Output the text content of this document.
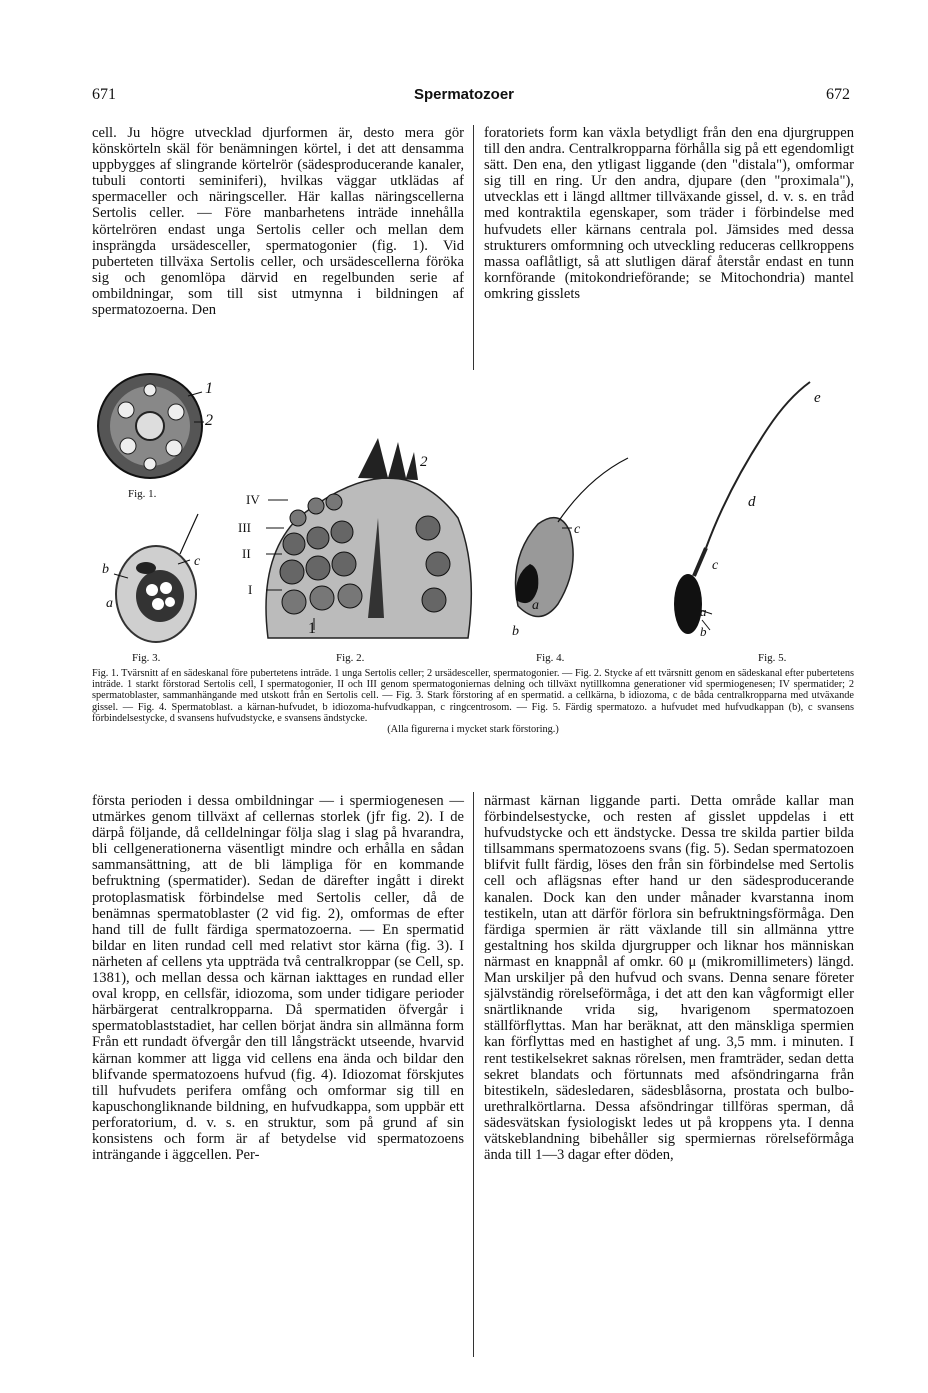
671	Spermatozoer	672

cell. Ju högre utvecklad djurformen är, desto mera gör könskörteln skäl för benämningen körtel, i det att densamma uppbygges af slingrande körtelrör (sädesproducerande kanaler, tubuli contorti seminiferi), hvilkas väggar utklädas af spermaceller och näringsceller. Här kallas näringscellerna Sertolis celler. — Före manbarhetens inträde innehålla körtelrören endast unga Sertolis celler och mellan dem insprängda ursädesceller, spermatogonier (fig. 1). Vid puberteten tillväxa Sertolis celler, och ursädescellerna föröka sig och genomlöpa därvid en regelbunden serie af ombildningar, som till sist utmynna i bildningen af spermatozoerna. Den

foratoriets form kan växla betydligt från den ena djurgruppen till den andra. Centralkropparna förhålla sig på ett egendomligt sätt. Den ena, den ytligast liggande (den "distala"), omformar sig till en ring. Ur den andra, djupare (den "proximala"), utvecklas ett i längd alltmer tillväxande gissel, d. v. s. en tråd med kontraktila egenskaper, som träder i förbindelse med hufvudets eller kärnans centrala pol. Jämsides med dessa strukturers omformning och utveckling reduceras cellkroppens massa oaflåtligt, så att slutligen däraf återstår endast en tunn kornförande (mitokondrieförande; se Mitochondria) mantel omkring gisslets

1
2
Fig. 1.
b
c
a
Fig. 3.
IV
III
II
I
2
1
Fig. 2.
c
a
b
Fig. 4.
e
d
c
a
b
Fig. 5.

Fig. 1. Tvärsnitt af en sädeskanal före pubertetens inträde. 1 unga Sertolis celler; 2 ursädesceller, spermatogonier. — Fig. 2. Stycke af ett tvärsnitt genom en sädeskanal efter pubertetens inträde. 1 starkt förstorad Sertolis cell, I spermatogonier, II och III genom spermatogoniernas delning och tillväxt nytillkomna generationer vid spermiogenesen; IV spermatider; 2 spermatoblaster, sammanhängande med utskott från en Sertolis cell. — Fig. 3. Stark förstoring af en spermatid. a cellkärna, b idiozoma, c de båda centralkropparna med utväxande gissel. — Fig. 4. Spermatoblast. a kärnan-hufvudet, b idiozoma-hufvudkappan, c ringcentrosom. — Fig. 5. Färdig spermatozo. a hufvudet med hufvudkappan (b), c svansens förbindelsestycke, d svansens hufvudstycke, e svansens ändstycke.

(Alla figurerna i mycket stark förstoring.)

första perioden i dessa ombildningar — i spermiogenesen — utmärkes genom tillväxt af cellernas storlek (jfr fig. 2). I de därpå följande, då celldelningar följa slag i slag på hvarandra, bli cellgenerationerna väsentligt mindre och erhålla en sådan sammansättning, att de bli lämpliga för en kommande befruktning (spermatider). Sedan de därefter ingått i direkt protoplasmatisk förbindelse med Sertolis celler, då de benämnas spermatoblaster (2 vid fig. 2), omformas de efter hand till de fullt färdiga spermatozoerna. — En spermatid bildar en liten rundad cell med relativt stor kärna (fig. 3). I närheten af cellens yta uppträda två centralkroppar (se Cell, sp. 1381), och mellan dessa och kärnan iakttages en rundad eller oval kropp, en cellsfär, idiozoma, som under tidigare perioder härbärgerat centralkropparna. Då spermatiden öfvergår i spermatoblaststadiet, har cellen börjat ändra sin allmänna form Från ett rundadt öfvergår den till långsträckt utseende, hvarvid kärnan kommer att ligga vid cellens ena ända och bildar den blifvande spermatozoens hufvud (fig. 4). Idiozomat förskjutes till hufvudets perifera omfång och omformar sig till en kapuschongliknande bildning, en hufvudkappa, som uppbär ett perforatorium, d. v. s. en struktur, som på grund af sin konsistens och form är af betydelse vid spermatozoens inträngande i äggcellen. Per-

närmast kärnan liggande parti. Detta område kallar man förbindelsestycke, och resten af gisslet uppdelas i ett hufvudstycke och ett ändstycke. Dessa tre skilda partier bilda tillsammans spermatozoens svans (fig. 5). Sedan spermatozoen blifvit fullt färdig, löses den från sin förbindelse med Sertolis cell och aflägsnas efter hand ur den sädesproducerande kanalen. Dock kan den under månader kvarstanna inom testikeln, utan att därför förlora sin befruktningsförmåga. Den färdiga spermien är rätt växlande till sin allmänna yttre gestaltning hos skilda djurgrupper och liknar hos människan närmast en knappnål af omkr. 60 μ (mikromillimeters) längd. Man urskiljer på den hufvud och svans. Denna senare företer självständig rörelseförmåga, i det att den kan vågformigt eller snärtliknande vrida sig, hvarigenom spermatozoen ställförflyttas. Man har beräknat, att den mänskliga spermien kan förflyttas med en hastighet af ung. 3,5 mm. i minuten. I rent testikelsekret saknas rörelsen, men framträder, sedan detta sekret blandats och förtunnats med afsöndringarna från bitestikeln, sädesledaren, sädesblåsorna, prostata och bulbo-urethralkörtlarna. Dessa afsöndringar tillföras sperman, då sädesvätskan fysiologiskt ledes ut på kroppens yta. I denna vätskeblandning bibehåller sig spermiernas rörelseförmåga ända till 1—3 dagar efter döden,
